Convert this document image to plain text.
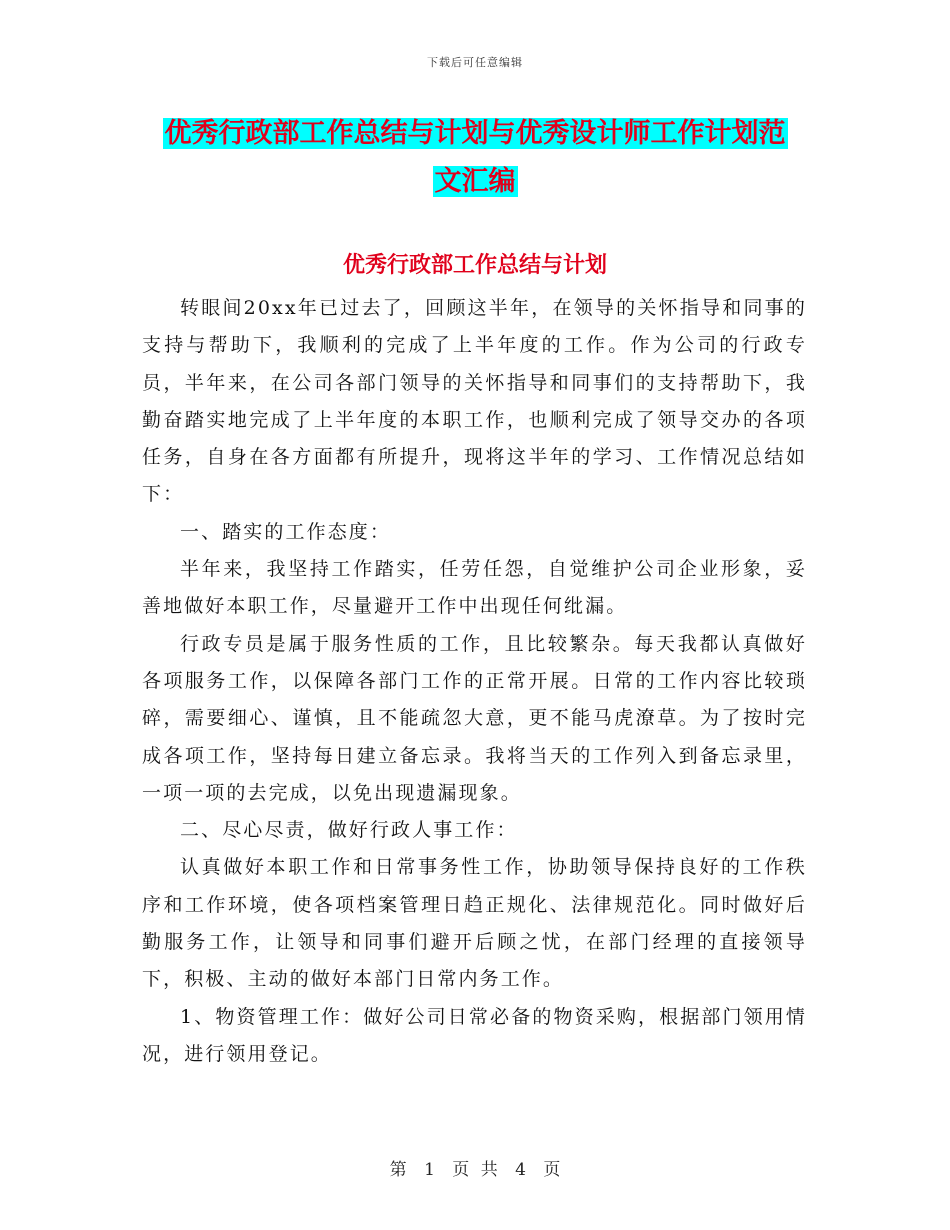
下载后可任意编辑
优秀行政部工作总结与计划与优秀设计师工作计划范
文汇编
优秀行政部工作总结与计划

转眼间20xx年已过去了，回顾这半年，在领导的关怀指导和同事的支持与帮助下，我顺利的完成了上半年度的工作。作为公司的行政专员，半年来，在公司各部门领导的关怀指导和同事们的支持帮助下，我勤奋踏实地完成了上半年度的本职工作，也顺利完成了领导交办的各项任务，自身在各方面都有所提升，现将这半年的学习、工作情况总结如下：

一、踏实的工作态度：

半年来，我坚持工作踏实，任劳任怨，自觉维护公司企业形象，妥善地做好本职工作，尽量避开工作中出现任何纰漏。

行政专员是属于服务性质的工作，且比较繁杂。每天我都认真做好各项服务工作，以保障各部门工作的正常开展。日常的工作内容比较琐碎，需要细心、谨慎，且不能疏忽大意，更不能马虎潦草。为了按时完成各项工作，坚持每日建立备忘录。我将当天的工作列入到备忘录里，一项一项的去完成，以免出现遗漏现象。

二、尽心尽责，做好行政人事工作：

认真做好本职工作和日常事务性工作，协助领导保持良好的工作秩序和工作环境，使各项档案管理日趋正规化、法律规范化。同时做好后勤服务工作，让领导和同事们避开后顾之忧，在部门经理的直接领导下，积极、主动的做好本部门日常内务工作。

1、物资管理工作：做好公司日常必备的物资采购，根据部门领用情况，进行领用登记。

第 1 页 共 4 页
